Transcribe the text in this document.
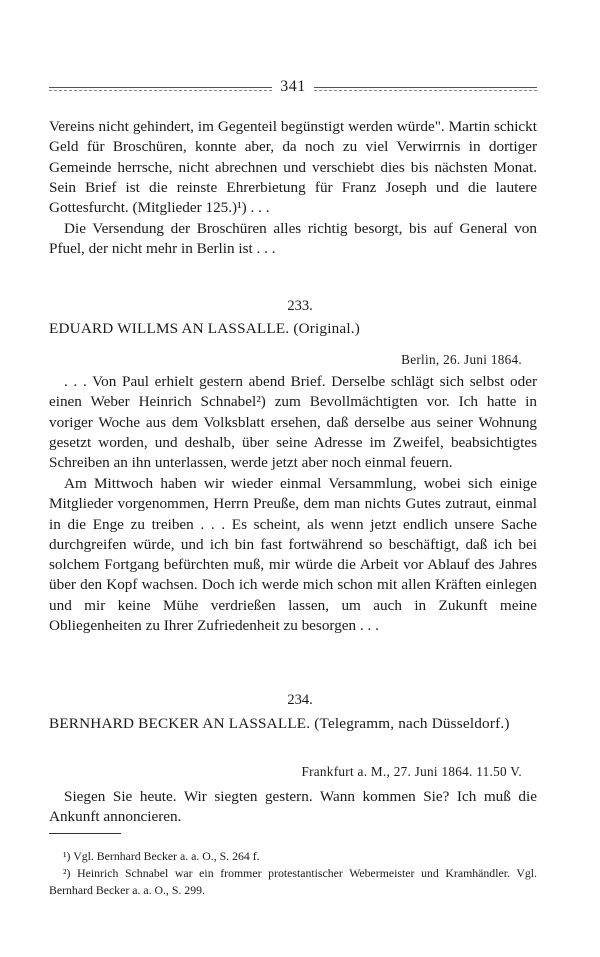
341

Vereins nicht gehindert, im Gegenteil begünstigt werden würde". Martin schickt Geld für Broschüren, konnte aber, da noch zu viel Verwirrnis in dortiger Gemeinde herrsche, nicht abrechnen und verschiebt dies bis nächsten Monat. Sein Brief ist die reinste Ehrerbietung für Franz Joseph und die lautere Gottesfurcht. (Mitglieder 125.)¹) . . .

Die Versendung der Broschüren alles richtig besorgt, bis auf General von Pfuel, der nicht mehr in Berlin ist . . .

233.

EDUARD WILLMS AN LASSALLE. (Original.)

Berlin, 26. Juni 1864.

. . . Von Paul erhielt gestern abend Brief. Derselbe schlägt sich selbst oder einen Weber Heinrich Schnabel²) zum Bevollmächtigten vor. Ich hatte in voriger Woche aus dem Volksblatt ersehen, daß derselbe aus seiner Wohnung gesetzt worden, und deshalb, über seine Adresse im Zweifel, beabsichtigtes Schreiben an ihn unterlassen, werde jetzt aber noch einmal feuern.

Am Mittwoch haben wir wieder einmal Versammlung, wobei sich einige Mitglieder vorgenommen, Herrn Preuße, dem man nichts Gutes zutraut, einmal in die Enge zu treiben . . . Es scheint, als wenn jetzt endlich unsere Sache durchgreifen würde, und ich bin fast fortwährend so beschäftigt, daß ich bei solchem Fortgang befürchten muß, mir würde die Arbeit vor Ablauf des Jahres über den Kopf wachsen. Doch ich werde mich schon mit allen Kräften einlegen und mir keine Mühe verdrießen lassen, um auch in Zukunft meine Obliegenheiten zu Ihrer Zufriedenheit zu besorgen . . .

234.

BERNHARD BECKER AN LASSALLE. (Telegramm, nach Düsseldorf.)

Frankfurt a. M., 27. Juni 1864. 11.50 V.

Siegen Sie heute. Wir siegten gestern. Wann kommen Sie? Ich muß die Ankunft annoncieren.

¹) Vgl. Bernhard Becker a. a. O., S. 264 f.

²) Heinrich Schnabel war ein frommer protestantischer Webermeister und Kramhändler. Vgl. Bernhard Becker a. a. O., S. 299.
